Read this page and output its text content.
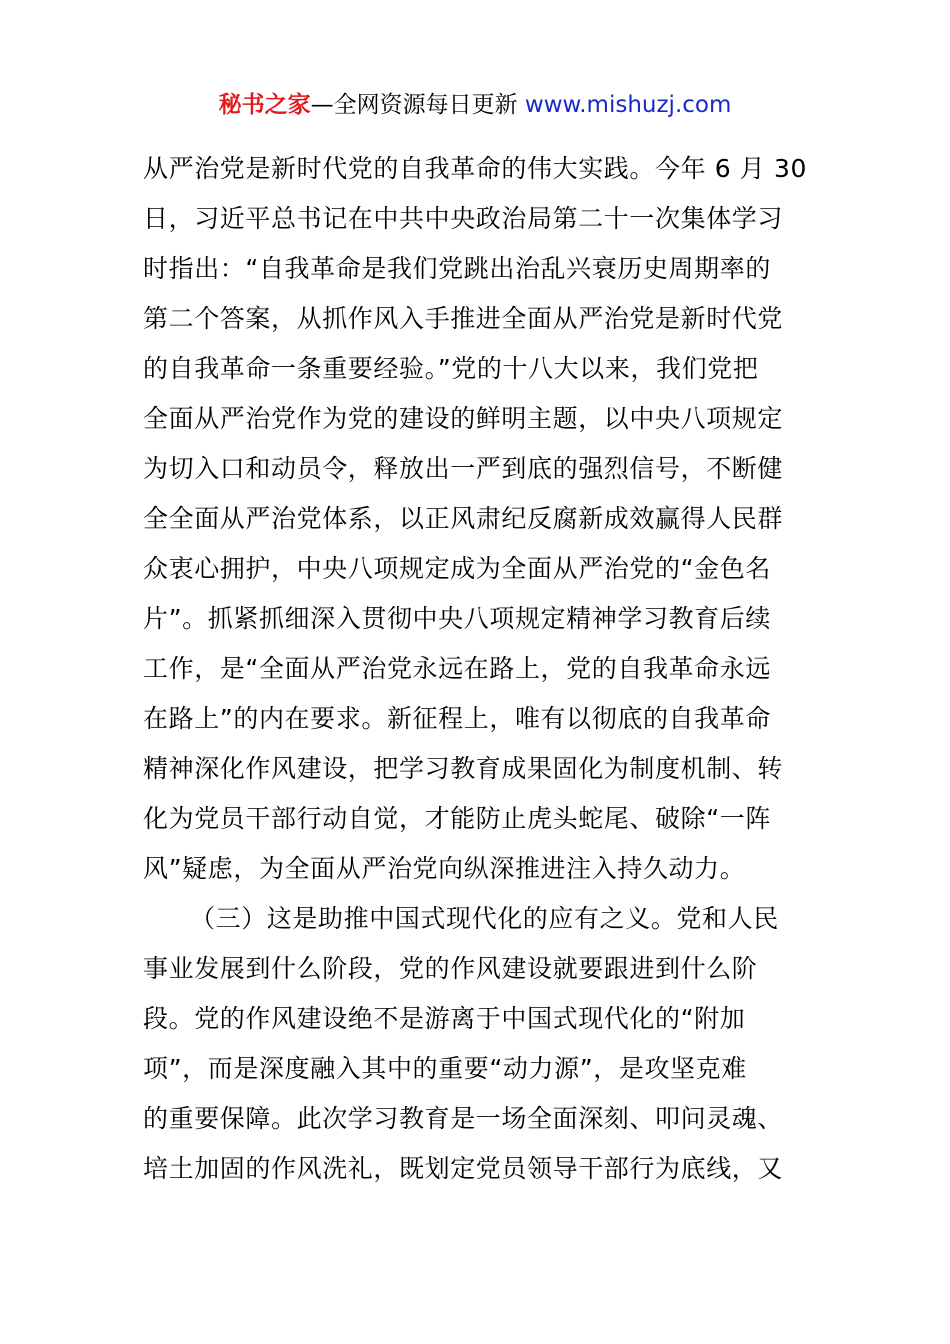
秘书之家—全网资源每日更新 www.mishuzj.com
从严治党是新时代党的自我革命的伟大实践。今年 6 月 30
日，习近平总书记在中共中央政治局第二十一次集体学习
时指出：“自我革命是我们党跳出治乱兴衰历史周期率的
第二个答案，从抓作风入手推进全面从严治党是新时代党
的自我革命一条重要经验。”党的十八大以来，我们党把
全面从严治党作为党的建设的鲜明主题，以中央八项规定
为切入口和动员令，释放出一严到底的强烈信号，不断健
全全面从严治党体系，以正风肃纪反腐新成效赢得人民群
众衷心拥护，中央八项规定成为全面从严治党的“金色名
片”。抓紧抓细深入贯彻中央八项规定精神学习教育后续
工作，是“全面从严治党永远在路上，党的自我革命永远
在路上”的内在要求。新征程上，唯有以彻底的自我革命
精神深化作风建设，把学习教育成果固化为制度机制、转
化为党员干部行动自觉，才能防止虎头蛇尾、破除“一阵
风”疑虑，为全面从严治党向纵深推进注入持久动力。
（三）这是助推中国式现代化的应有之义。党和人民
事业发展到什么阶段，党的作风建设就要跟进到什么阶
段。党的作风建设绝不是游离于中国式现代化的“附加
项”，而是深度融入其中的重要“动力源”，是攻坚克难
的重要保障。此次学习教育是一场全面深刻、叩问灵魂、
培土加固的作风洗礼，既划定党员领导干部行为底线，又
